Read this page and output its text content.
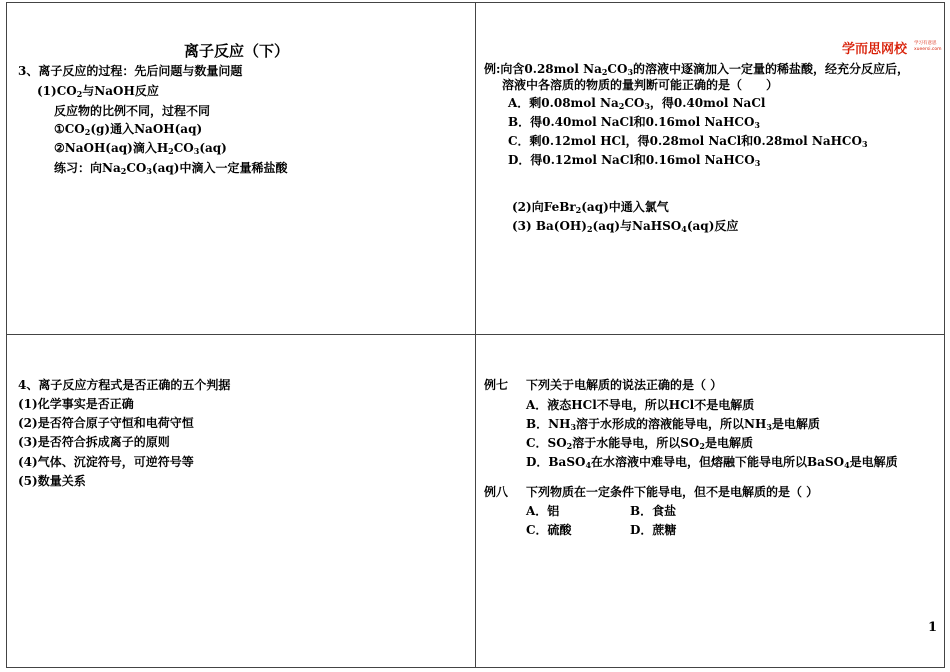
离子反应（下）
3、离子反应的过程：先后问题与数量问题
$(1)CO_2$与NaOH反应
反应物的比例不同，过程不同
$①CO_2(g)$通入NaOH(aq)
②NaOH(aq)滴入$H_2CO_3(aq)$
练习：向$Na_2CO_3(aq)$中滴入一定量稀盐酸
学而思网校 学习有意思
xueersi.com
例:向含0.28mol $Na_2CO_3$的溶液中逐滴加入一定量的稀盐酸，经充分反应后，
溶液中各溶质的物质的量判断可能正确的是（　　）
A．剩0.08mol $Na_2CO_3$，得0.40mol NaCl
B．得0.40mol NaCl和0.16mol NaHCO$_3$
C．剩0.12mol HCl，得0.28mol NaCl和0.28mol NaHCO$_3$
D．得0.12mol NaCl和0.16mol NaHCO$_3$
(2)向FeBr$_2$(aq)中通入氯气
(3) $Ba(OH)_2(aq)$与NaHSO$_4$(aq)反应
4、离子反应方程式是否正确的五个判据
(1)化学事实是否正确
(2)是否符合原子守恒和电荷守恒
(3)是否符合拆成离子的原则
(4)气体、沉淀符号，可逆符号等
(5)数量关系
例七 下列关于电解质的说法正确的是（ ）
A．液态HCl不导电，所以HCl不是电解质
B．$NH_3$溶于水形成的溶液能导电，所以$NH_3$是电解质
C．$SO_2$溶于水能导电，所以$SO_2$是电解质
D．BaSO$_4$在水溶液中难导电，但熔融下能导电所以BaSO$_4$是电解质
例八 下列物质在一定条件下能导电，但不是电解质的是（ ）
A．铝	B．食盐
C．硫酸	D．蔗糖
1
